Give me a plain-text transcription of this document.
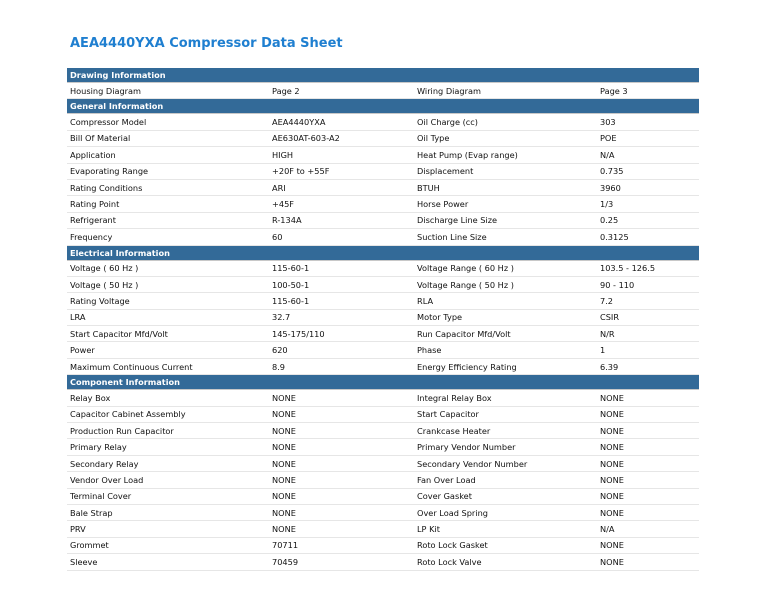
AEA4440YXA Compressor Data Sheet
Drawing Information			
Housing Diagram	Page 2	Wiring Diagram	Page 3
General Information			
Compressor Model	AEA4440YXA	Oil Charge (cc)	303
Bill Of Material	AE630AT-603-A2	Oil Type	POE
Application	HIGH	Heat Pump (Evap range)	N/A
Evaporating Range	+20F to +55F	Displacement	0.735
Rating Conditions	ARI	BTUH	3960
Rating Point	+45F	Horse Power	1/3
Refrigerant	R-134A	Discharge Line Size	0.25
Frequency	60	Suction Line Size	0.3125
Electrical Information			
Voltage ( 60 Hz )	115-60-1	Voltage Range ( 60 Hz )	103.5 - 126.5
Voltage ( 50 Hz )	100-50-1	Voltage Range ( 50 Hz )	90 - 110
Rating Voltage	115-60-1	RLA	7.2
LRA	32.7	Motor Type	CSIR
Start Capacitor Mfd/Volt	145-175/110	Run Capacitor Mfd/Volt	N/R
Power	620	Phase	1
Maximum Continuous Current	8.9	Energy Efficiency Rating	6.39
Component Information			
Relay Box	NONE	Integral Relay Box	NONE
Capacitor Cabinet Assembly	NONE	Start Capacitor	NONE
Production Run Capacitor	NONE	Crankcase Heater	NONE
Primary Relay	NONE	Primary Vendor Number	NONE
Secondary Relay	NONE	Secondary Vendor Number	NONE
Vendor Over Load	NONE	Fan Over Load	NONE
Terminal Cover	NONE	Cover Gasket	NONE
Bale Strap	NONE	Over Load Spring	NONE
PRV	NONE	LP Kit	N/A
Grommet	70711	Roto Lock Gasket	NONE
Sleeve	70459	Roto Lock Valve	NONE
